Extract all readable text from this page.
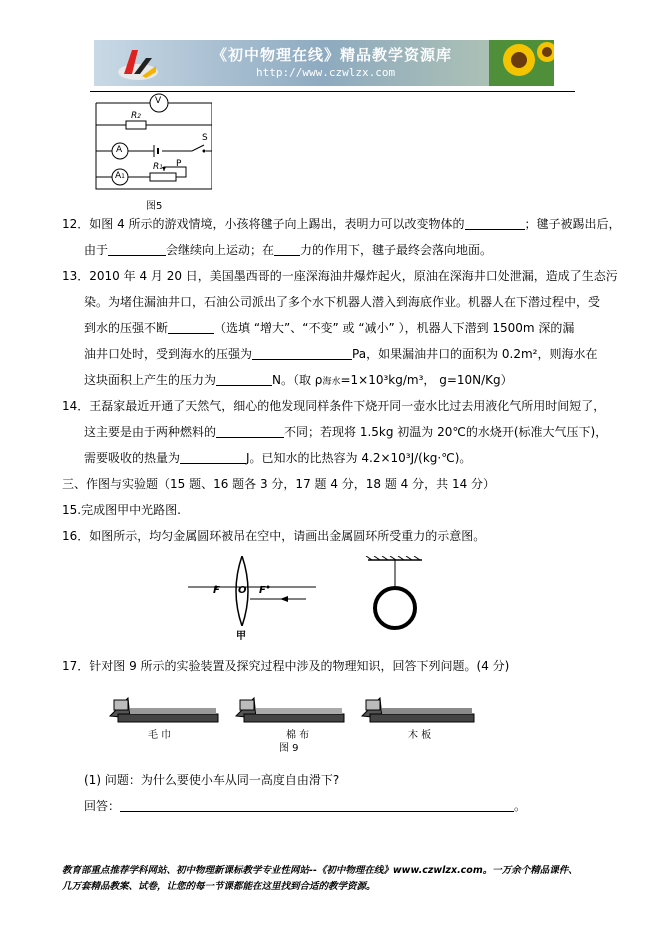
《初中物理在线》精品教学资源库
http://www.czwlzx.com
V
A
A1
R2
R1 P
S
图5
12．如图 4 所示的游戏情境，小孩将毽子向上踢出，表明力可以改变物体的	；毽子被踢出后，
由于	会继续向上运动；在 力的作用下，毽子最终会落向地面。
13．2010 年 4 月 20 日，美国墨西哥的一座深海油井爆炸起火，原油在深海井口处泄漏，造成了生态污
染。为堵住漏油井口，石油公司派出了多个水下机器人潜入到海底作业。机器人在下潜过程中，受
到水的压强不断	（选填 “增大”、“不变” 或 “减小” ），机器人下潜到 1500m 深的漏
油井口处时，受到海水的压强为	Pa，如果漏油井口的面积为 0.2m²，则海水在
这块面积上产生的压力为	N。（取 ρ海水=1×10³kg/m³， g=10N/Kg）
14．王磊家最近开通了天然气，细心的他发现同样条件下烧开同一壶水比过去用液化气所用时间短了，
这主要是由于两种燃料的	不同；若现将 1.5kg 初温为 20℃的水烧开(标准大气压下)，
需要吸收的热量为	J。已知水的比热容为 4.2×10³J/(kg·℃)。
三、作图与实验题（15 题、16 题各 3 分，17 题 4 分，18 题 4 分，共 14 分）
15.完成图甲中光路图.
16．如图所示，均匀金属圆环被吊在空中，请画出金属圆环所受重力的示意图。
F O F
甲
17．针对图 9 所示的实验装置及探究过程中涉及的物理知识，回答下列问题。(4 分)
毛 巾	棉 布	木 板
图 9
(1) 问题：为什么要使小车从同一高度自由滑下?
回答：	。
教育部重点推荐学科网站、初中物理新课标教学专业性网站--《初中物理在线》www.czwlzx.com。一万余个精品课件、
几万套精品教案、试卷，让您的每一节课都能在这里找到合适的教学资源。
